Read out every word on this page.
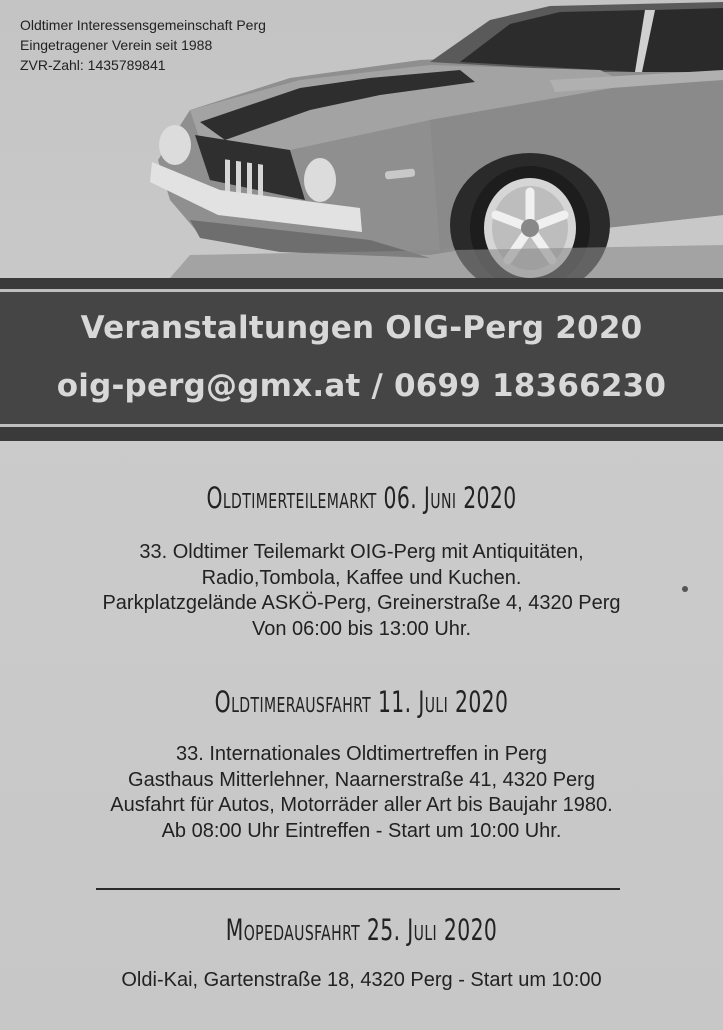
Oldtimer Interessensgemeinschaft Perg
Eingetragener Verein seit 1988
ZVR-Zahl: 1435789841
Veranstaltungen OIG-Perg 2020
oig-perg@gmx.at / 0699 18366230
Oldtimerteilemarkt 06. Juni 2020
33. Oldtimer Teilemarkt OIG-Perg mit Antiquitäten,
Radio,Tombola, Kaffee und Kuchen.
Parkplatzgelände ASKÖ-Perg, Greinerstraße 4, 4320 Perg
Von 06:00 bis 13:00 Uhr.
Oldtimerausfahrt 11. Juli 2020
33. Internationales Oldtimertreffen in Perg
Gasthaus Mitterlehner, Naarnerstraße 41, 4320 Perg
Ausfahrt für Autos, Motorräder aller Art bis Baujahr 1980.
Ab 08:00 Uhr Eintreffen - Start um 10:00 Uhr.
Mopedausfahrt 25. Juli 2020
Oldi-Kai, Gartenstraße 18, 4320 Perg - Start um 10:00
